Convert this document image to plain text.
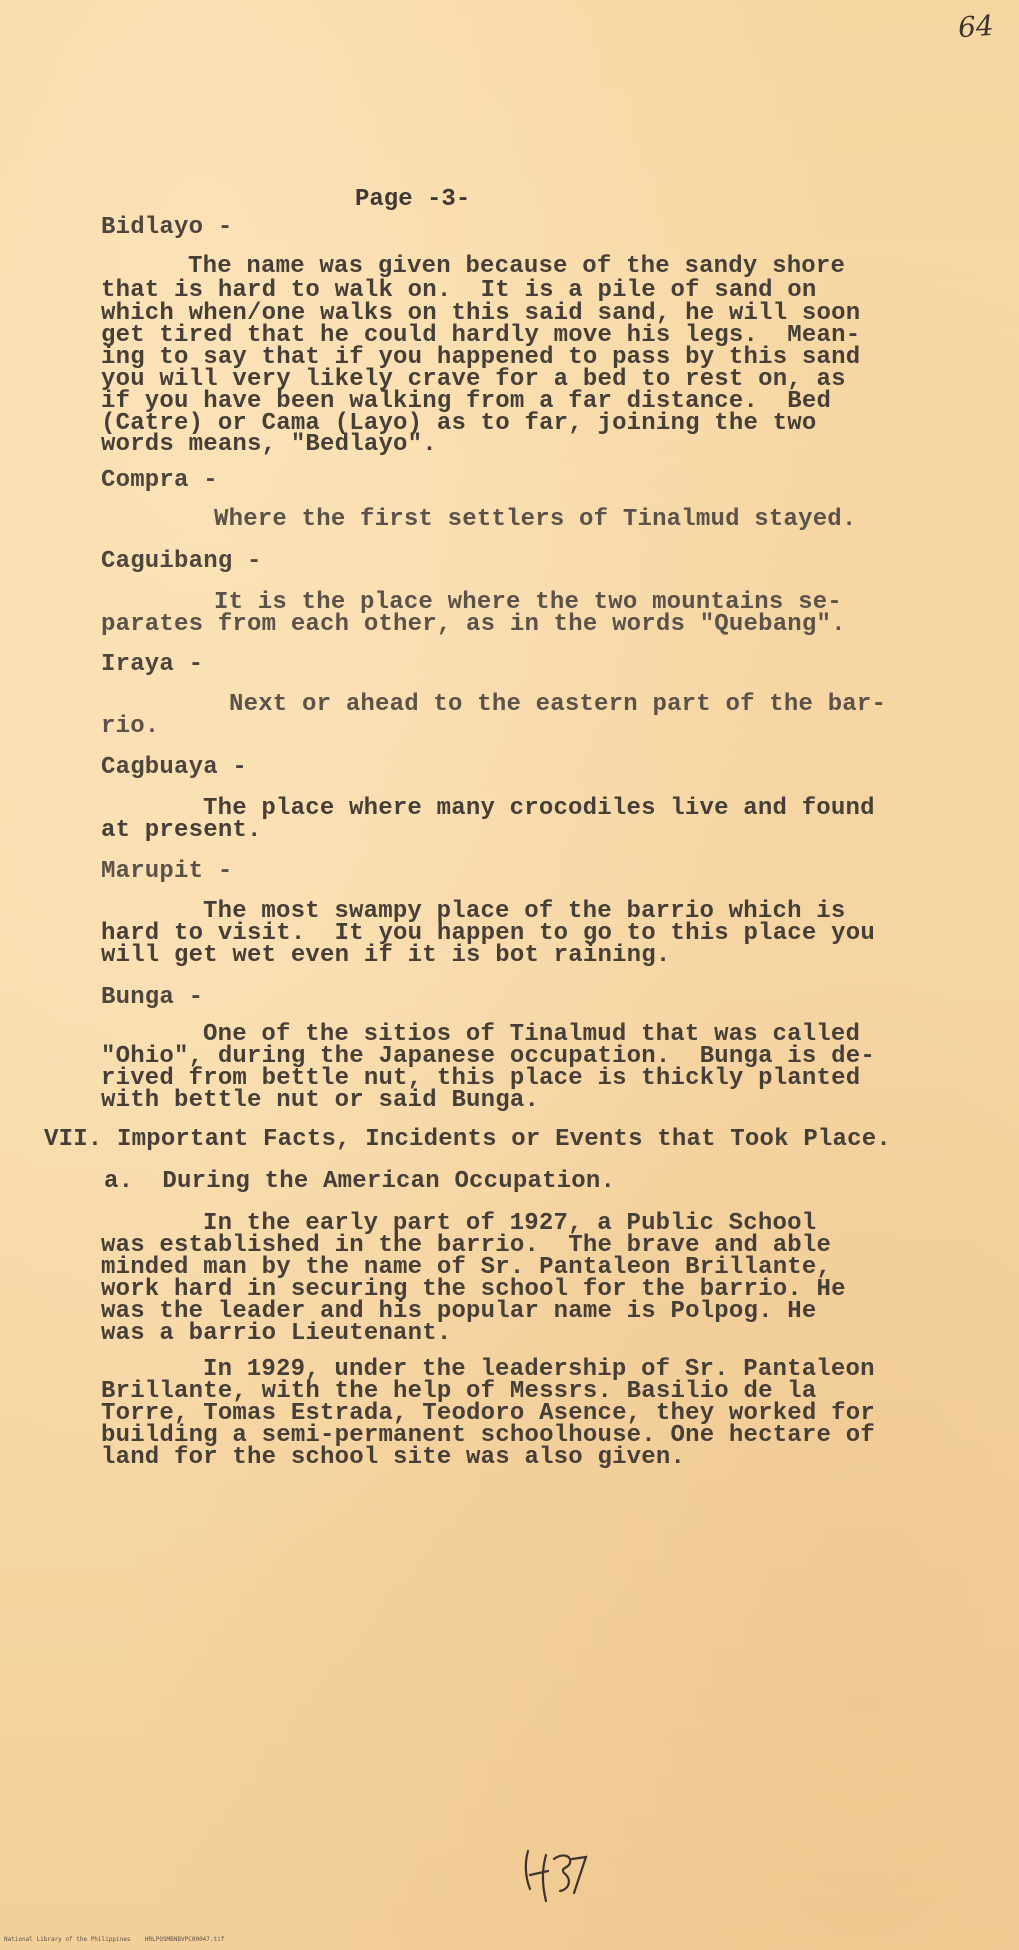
64
Page -3-
Bidlayo -
The name was given because of the sandy shore
that is hard to walk on.  It is a pile of sand on
which when/one walks on this said sand, he will soon
get tired that he could hardly move his legs.  Mean-
ing to say that if you happened to pass by this sand
you will very likely crave for a bed to rest on, as
if you have been walking from a far distance.  Bed
(Catre) or Cama (Layo) as to far, joining the two
words means, "Bedlayo".
Compra -
Where the first settlers of Tinalmud stayed.
Caguibang -
It is the place where the two mountains se-
parates from each other, as in the words "Quebang".
Iraya -
Next or ahead to the eastern part of the bar-
rio.
Cagbuaya -
The place where many crocodiles live and found
at present.
Marupit -
The most swampy place of the barrio which is
hard to visit.  It you happen to go to this place you
will get wet even if it is bot raining.
Bunga -
One of the sitios of Tinalmud that was called
"Ohio", during the Japanese occupation.  Bunga is de-
rived from bettle nut, this place is thickly planted
with bettle nut or said Bunga.
VII. Important Facts, Incidents or Events that Took Place.
a.  During the American Occupation.
In the early part of 1927, a Public School
was established in the barrio.  The brave and able
minded man by the name of Sr. Pantaleon Brillante,
work hard in securing the school for the barrio. He
was the leader and his popular name is Polpog. He
was a barrio Lieutenant.
In 1929, under the leadership of Sr. Pantaleon
Brillante, with the help of Messrs. Basilio de la
Torre, Tomas Estrada, Teodoro Asence, they worked for
building a semi-permanent schoolhouse. One hectare of
land for the school site was also given.
National Library of the Philippines    HRLPOSMBNBVPC00047.tif
